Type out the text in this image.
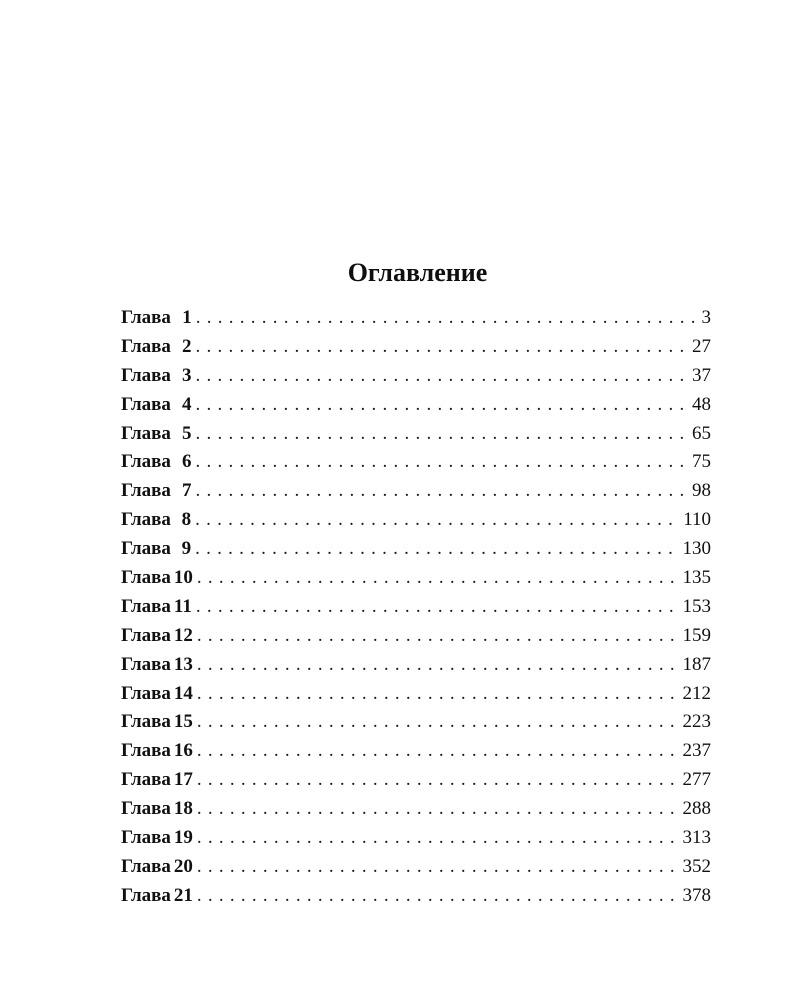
Оглавление
Глава 1 . . .	3
Глава 2 . . .	27
Глава 3 . . .	37
Глава 4 . . .	48
Глава 5 . . .	65
Глава 6 . . .	75
Глава 7 . . .	98
Глава 8 . . .	110
Глава 9 . . .	130
Глава 10 . . .	135
Глава 11 . . .	153
Глава 12 . . .	159
Глава 13 . . .	187
Глава 14 . . .	212
Глава 15 . . .	223
Глава 16 . . .	237
Глава 17 . . .	277
Глава 18 . . .	288
Глава 19 . . .	313
Глава 20 . . .	352
Глава 21 . . .	378
